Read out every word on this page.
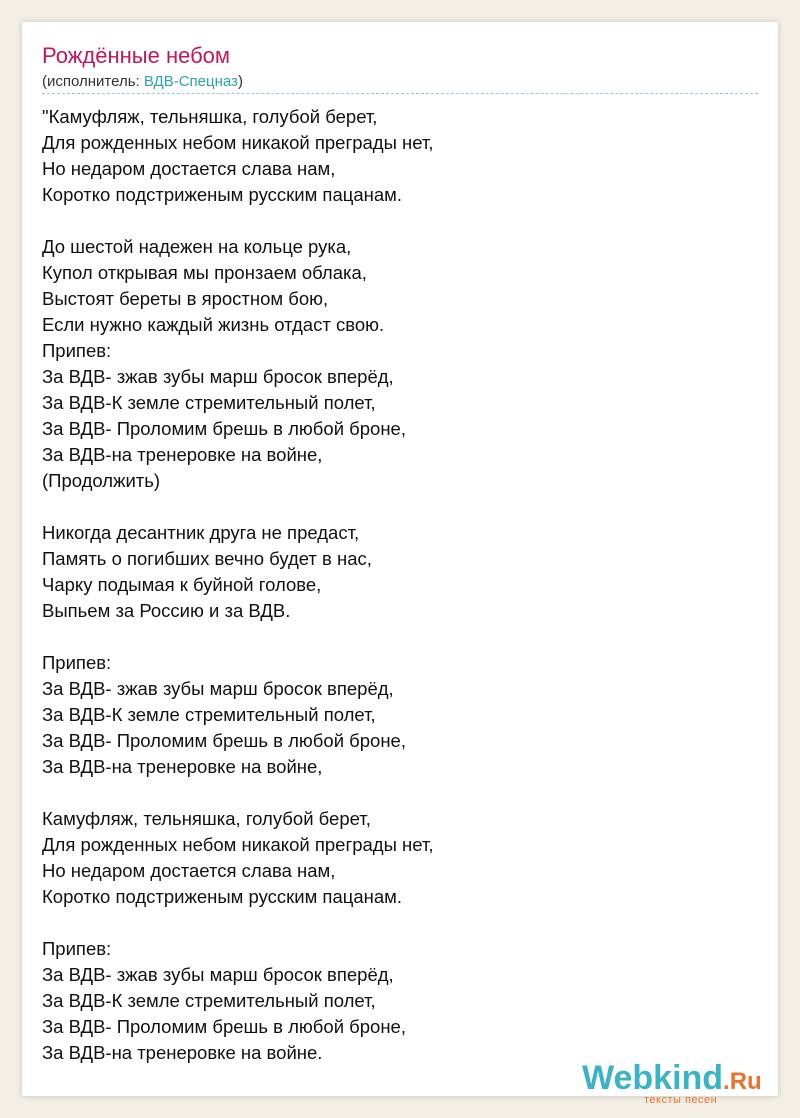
Рождённые небом
(исполнитель: ВДВ-Спецназ)
"Камуфляж, тельняшка, голубой берет,
Для рожденных небом никакой преграды нет,
Но недаром достается слава нам,
Коротко подстриженым русским пацанам.
До шестой надежен на кольце рука,
Купол открывая мы пронзаем облака,
Выстоят береты в яростном бою,
Если нужно каждый жизнь отдаст свою.
Припев:
За ВДВ- зжав зубы марш бросок вперёд,
За ВДВ-К земле стремительный полет,
За ВДВ- Проломим брешь в любой броне,
За ВДВ-на тренеровке на войне,
(Продолжить)
Никогда десантник друга не предаст,
Память о погибших вечно будет в нас,
Чарку подымая к буйной голове,
Выпьем за Россию и за ВДВ.
Припев:
За ВДВ- зжав зубы марш бросок вперёд,
За ВДВ-К земле стремительный полет,
За ВДВ- Проломим брешь в любой броне,
За ВДВ-на тренеровке на войне,
Камуфляж, тельняшка, голубой берет,
Для рожденных небом никакой преграды нет,
Но недаром достается слава нам,
Коротко подстриженым русским пацанам.
Припев:
За ВДВ- зжав зубы марш бросок вперёд,
За ВДВ-К земле стремительный полет,
За ВДВ- Проломим брешь в любой броне,
За ВДВ-на тренеровке на войне.
Webkind.Ru
тексты песен
